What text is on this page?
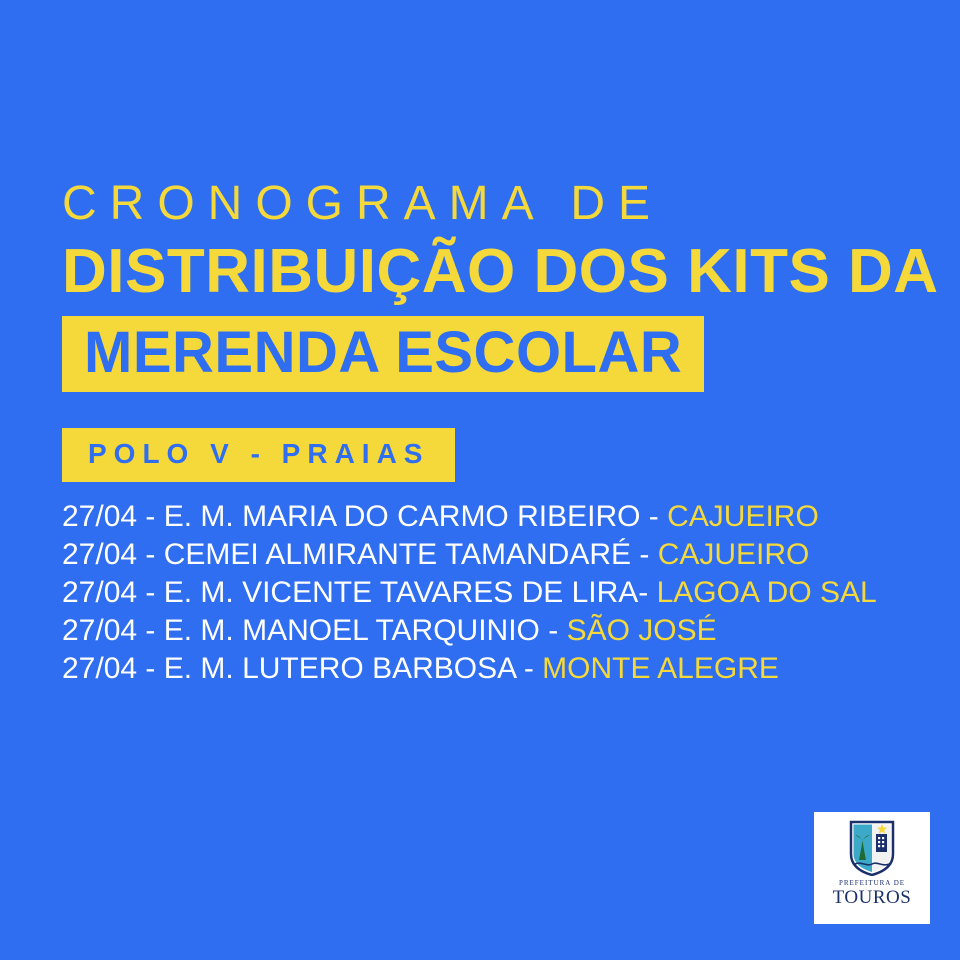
CRONOGRAMA DE
DISTRIBUIÇÃO DOS KITS DA
MERENDA ESCOLAR
POLO V - PRAIAS
27/04 - E. M. MARIA DO CARMO RIBEIRO - CAJUEIRO
27/04 - CEMEI ALMIRANTE TAMANDARÉ - CAJUEIRO
27/04 - E. M. VICENTE TAVARES DE LIRA- LAGOA DO SAL
27/04 - E. M. MANOEL TARQUINIO - SÃO JOSÉ
27/04 - E. M. LUTERO BARBOSA - MONTE ALEGRE
PREFEITURA DE
TOUROS
